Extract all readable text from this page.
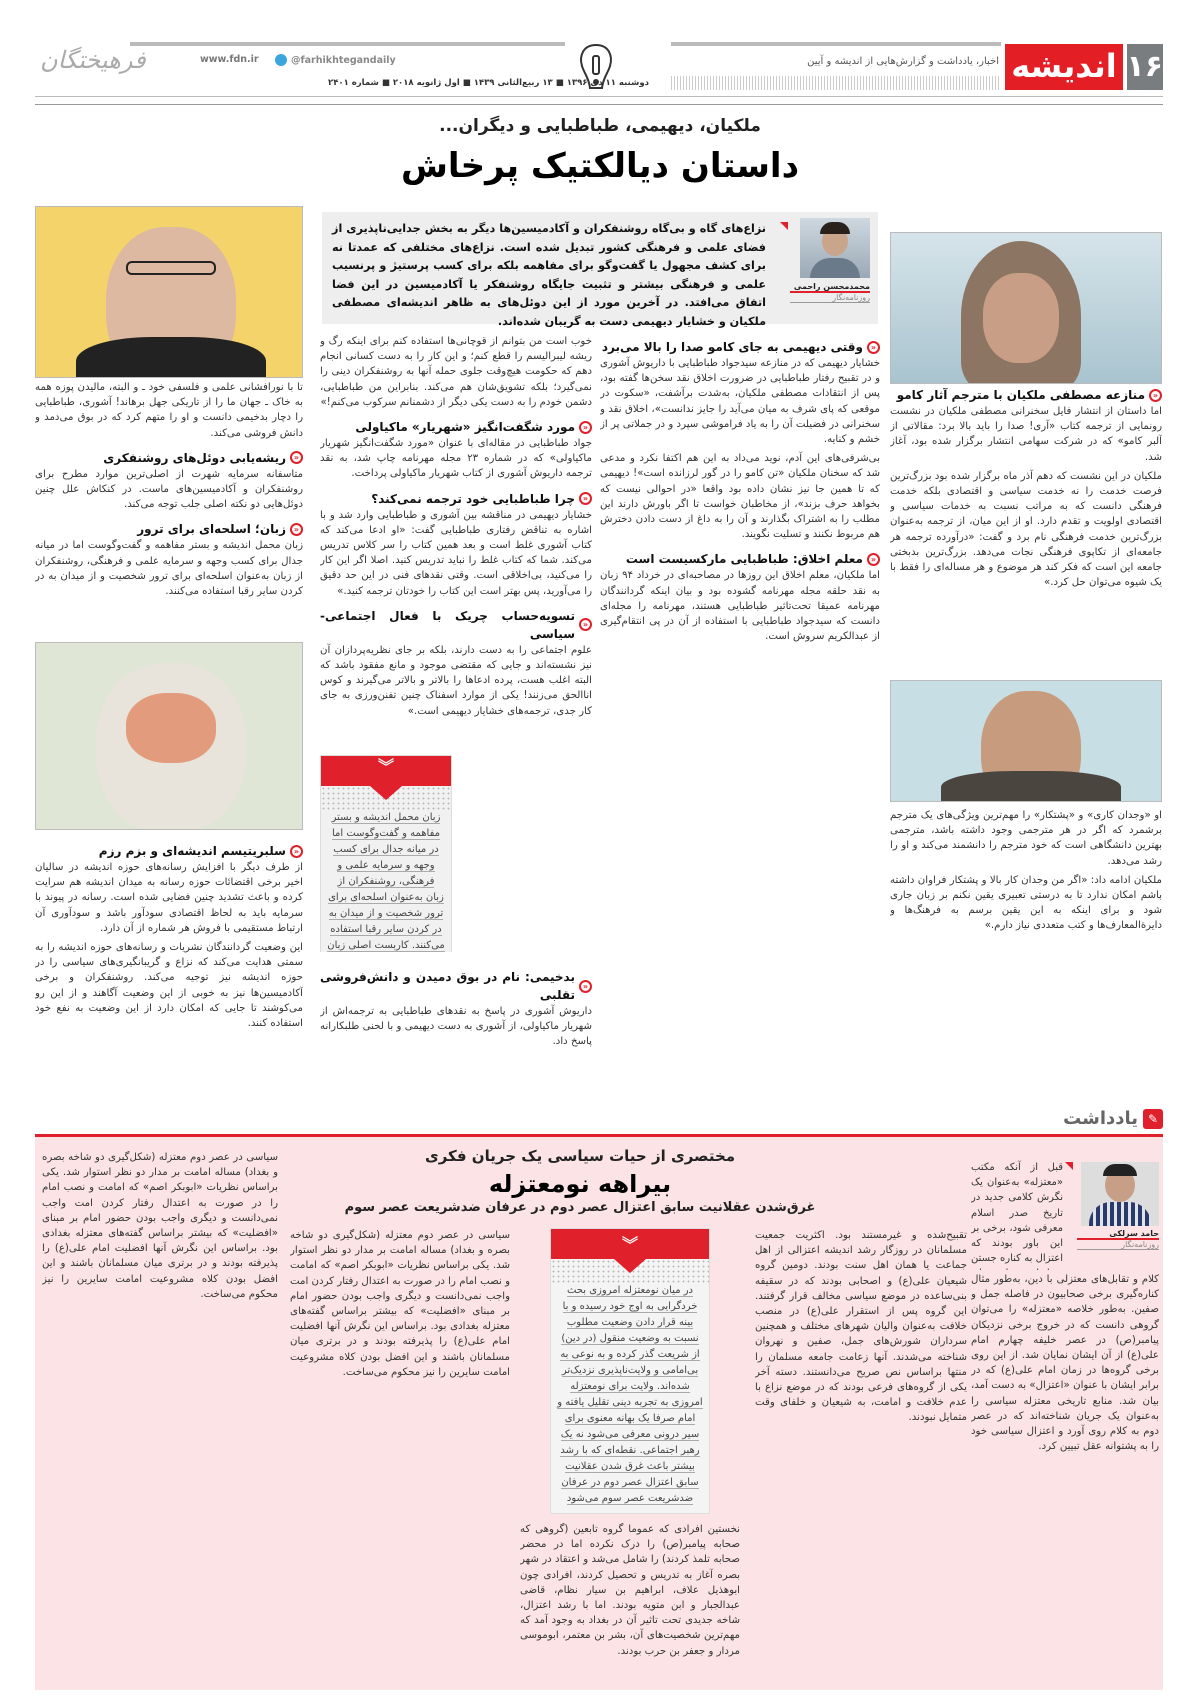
۱۶
اندیشه
اخبار، یادداشت و گزارش‌هایی از اندیشه و آیین
دوشنبه ۱۱ دی ۱۳۹۶ ■ ۱۳ ربیع‌الثانی ۱۴۳۹ ■ اول ژانویه ۲۰۱۸ ■ شماره ۲۴۰۱
@farhikhtegandaily
www.fdn.ir
فرهیختگان
ملکیان، دیهیمی، طباطبایی و دیگران...
داستان دیالکتیک پرخاش
محمدمحسن راحمی
روزنامه‌نگار
نزاع‌های گاه و بی‌گاه روشنفکران و آکادمیسین‌ها دیگر به بخش جدایی‌ناپذیری از فضای علمی و فرهنگی کشور تبدیل شده است. نزاع‌های مختلفی که عمدتا نه برای کشف مجهول یا گفت‌وگو برای مفاهمه بلکه برای کسب پرستیژ و پرنسیب علمی و فرهنگی بیشتر و تثبیت جایگاه روشنفکر یا آکادمیسین در این فضا اتفاق می‌افتد. در آخرین مورد از این دوئل‌های به ظاهر اندیشه‌ای مصطفی ملکیان و خشایار دیهیمی دست به گریبان شده‌اند.
«
منازعه مصطفی ملکیان با مترجم آثار کامو

اما داستان از انتشار فایل سخنرانی مصطفی ملکیان در نشست رونمایی از ترجمه کتاب «آری! صدا را باید بالا برد: مقالاتی از آلبر کامو» که در شرکت سهامی انتشار برگزار شده بود، آغاز شد.

ملکیان در این نشست که دهم آذر ماه برگزار شده بود بزرگ‌ترین فرصت خدمت را نه خدمت سیاسی و اقتصادی بلکه خدمت فرهنگی دانست که به مراتب نسبت به خدمات سیاسی و اقتصادی اولویت و تقدم دارد. او از این میان، از ترجمه به‌عنوان بزرگ‌ترین خدمت فرهنگی نام برد و گفت: «درآورده ترجمه هر جامعه‌ای از تکاپوی فرهنگی نجات می‌دهد. بزرگ‌ترین بدبختی جامعه این است که فکر کند هر موضوع و هر مساله‌ای را فقط با یک شیوه می‌توان حل کرد.»

او «وجدان کاری» و «پشتکار» را مهم‌ترین ویژگی‌های یک مترجم برشمرد که اگر در هر مترجمی وجود داشته باشد، مترجمی بهترین دانشگاهی است که خود مترجم را دانشمند می‌کند و او را رشد می‌دهد.

ملکیان ادامه داد: «اگر من وجدان کار بالا و پشتکار فراوان داشته باشم امکان ندارد تا به درستی تعبیری یقین نکنم بر زبان جاری شود و برای اینکه به این یقین برسم به فرهنگ‌ها و دایرةالمعارف‌ها و کتب متعددی نیاز دارم.»

«
وقتی دیهیمی به جای کامو صدا را بالا می‌برد

خشایار دیهیمی که در منازعه سیدجواد طباطبایی با داریوش آشوری و در تقبیح رفتار طباطبایی در ضرورت اخلاق نقد سخن‌ها گفته بود، پس از انتقادات مصطفی ملکیان، به‌شدت برآشفت، «سکوت در موقعی که پای شرف به میان می‌آید را جایز ندانست»، اخلاق نقد و سخنرانی در فضیلت آن را به یاد فراموشی سپرد و در جملاتی پر از خشم و کنایه.

بی‌شرفی‌های این آدم، نوید می‌داد به این هم اکتفا نکرد و مدعی شد که سخنان ملکیان «تن کامو را در گور لرزانده است»! دیهیمی که تا همین جا نیز نشان داده بود واقعا «در احوالی نیست که بخواهد حرف بزند»، از مخاطبان خواست تا اگر باورش دارند این مطلب را به اشتراک بگذارند و آن را به داغ از دست دادن دخترش هم مربوط نکنند و تسلیت نگویند.

«
معلم اخلاق: طباطبایی مارکسیست است

اما ملکیان، معلم اخلاق این روزها در مصاحبه‌ای در خرداد ۹۴ زبان به نقد حلقه مجله مهرنامه گشوده بود و بیان اینکه گردانندگان مهرنامه عمیقا تحت‌تاثیر طباطبایی هستند، مهرنامه را مجله‌ای دانست که سیدجواد طباطبایی با استفاده از آن در پی انتقام‌گیری از عبدالکریم سروش است.

︾
زبان محمل اندیشه و بستر مفاهمه و گفت‌وگوست اما در میانه جدال برای کسب وجهه و سرمایه علمی و فرهنگی، روشنفکران از زبان به‌عنوان اسلحه‌ای برای ترور شخصیت و از میدان به در کردن سایر رقبا استفاده می‌کنند. کاربست اصلی زبان

خوب است من بتوانم از قوچانی‌ها استفاده کنم برای اینکه رگ و ریشه لیبرالیسم را قطع کنم؛ و این کار را به دست کسانی انجام دهم که حکومت هیچ‌وقت جلوی حمله آنها به روشنفکران دینی را نمی‌گیرد؛ بلکه تشویق‌شان هم می‌کند. بنابراین من طباطبایی، دشمن خودم را به دست یکی دیگر از دشمنانم سرکوب می‌کنم!»

«
مورد شگفت‌انگیز «شهریار» ماکیاولی

جواد طباطبایی در مقاله‌ای با عنوان «مورد شگفت‌انگیز شهریار ماکیاولی» که در شماره ۲۳ مجله مهرنامه چاپ شد، به نقد ترجمه داریوش آشوری از کتاب شهریار ماکیاولی پرداخت.

«
چرا طباطبایی خود ترجمه نمی‌کند؟

خشایار دیهیمی در مناقشه بین آشوری و طباطبایی وارد شد و با اشاره به تناقض رفتاری طباطبایی گفت: «او ادعا می‌کند که کتاب آشوری غلط است و بعد همین کتاب را سر کلاس تدریس می‌کند. شما که کتاب غلط را نباید تدریس کنید. اصلا اگر این کار را می‌کنید، بی‌اخلاقی است. وقتی نقدهای فنی در این حد دقیق را می‌آورید، پس بهتر است این کتاب را خودتان ترجمه کنید.»

«
تسویه‌حساب چریک با فعال اجتماعی-سیاسی

علوم اجتماعی را به دست دارند، بلکه بر جای نظریه‌پردازان آن نیز نشسته‌اند و جایی که مقتضی موجود و مانع مفقود باشد که البته اغلب هست، پرده ادعاها را بالاتر و بالاتر می‌گیرند و کوس اناالحق می‌زنند! یکی از موارد اسفناک چنین تفنن‌ورزی به جای کار جدی، ترجمه‌های خشایار دیهیمی است.»

«
بدخیمی: نام در بوق دمیدن و دانش‌فروشی تقلبی

داریوش آشوری در پاسخ به نقدهای طباطبایی به ترجمه‌اش از شهریار ماکیاولی، از آشوری به دست دیهیمی و با لحنی طلبکارانه پاسخ داد.

تا با نورافشانی علمی و فلسفی خود ـ و البته، مالیدن پوزه همه به خاک ـ جهان ما را از تاریکی جهل برهاند! آشوری، طباطبایی را دچار بدخیمی دانست و او را متهم کرد که در بوق می‌دمد و دانش فروشی می‌کند.

«
ریشه‌یابی دوئل‌های روشنفکری

متاسفانه سرمایه شهرت از اصلی‌ترین موارد مطرح برای روشنفکران و آکادمیسین‌های ماست. در کنکاش علل چنین دوئل‌هایی دو نکته اصلی جلب توجه می‌کند.

«
زبان؛ اسلحه‌ای برای ترور

زبان محمل اندیشه و بستر مفاهمه و گفت‌وگوست اما در میانه جدال برای کسب وجهه و سرمایه علمی و فرهنگی، روشنفکران از زبان به‌عنوان اسلحه‌ای برای ترور شخصیت و از میدان به در کردن سایر رقبا استفاده می‌کنند.

«
سلبریتیسم اندیشه‌ای و بزم رزم

از طرف دیگر با افزایش رسانه‌های حوزه اندیشه در سالیان اخیر برخی اقتضائات حوزه رسانه به میدان اندیشه هم سرایت کرده و باعث تشدید چنین فضایی شده است. رسانه در پیوند با سرمایه باید به لحاظ اقتصادی سودآور باشد و سودآوری آن ارتباط مستقیمی با فروش هر شماره از آن دارد.

این وضعیت گردانندگان نشریات و رسانه‌های حوزه اندیشه را به سمتی هدایت می‌کند که نزاع و گریبانگیری‌های سیاسی را در حوزه اندیشه نیز توجیه می‌کند. روشنفکران و برخی آکادمیسین‌ها نیز به خوبی از این وضعیت آگاهند و از این رو می‌کوشند تا جایی که امکان دارد از این وضعیت به نفع خود استفاده کنند.

✎
یادداشت
مختصری از حیات سیاسی یک جریان فکری
بیراهه نومعتزله
غرق‌شدن عقلانیت سابق اعتزال عصر دوم در عرفان ضدشریعت عصر سوم
حامد سرلکی
روزنامه‌نگار
قبل از آنکه مکتب «معتزله» به‌عنوان یک نگرش کلامی جدید در تاریخ صدر اسلام معرفی شود، برخی بر این باور بودند که اعتزال به کناره جستن
کلام و تقابل‌های معتزلی با دین، به‌طور مثال کناره‌گیری برخی صحابیون در فاصله جمل و صفین. به‌طور خلاصه «معتزله» را می‌توان گروهی دانست که در خروج برخی نزدیکان پیامبر(ص) در عصر خلیفه چهارم امام علی(ع) از آن ایشان نمایان شد. از این روی برخی گروه‌ها در زمان امام علی(ع) که در برابر ایشان با عنوان «اعتزال» به دست آمد، بیان شد. منابع تاریخی معتزله سیاسی را به‌عنوان یک جریان شناخته‌اند که در عصر دوم به کلام روی آورد و اعتزال سیاسی خود را به پشتوانه عقل تبیین کرد.
تقبیح‌شده و غیرمستند بود. اکثریت جمعیت مسلمانان در روزگار رشد اندیشه اعتزالی از اهل جماعت یا همان اهل سنت بودند. دومین گروه شیعیان علی(ع) و اصحابی بودند که در سقیفه بنی‌ساعده در موضع سیاسی مخالف قرار گرفتند. این گروه پس از استقرار علی(ع) در منصب خلافت به‌عنوان والیان شهرهای مختلف و همچنین سرداران شورش‌های جمل، صفین و نهروان شناخته می‌شدند. آنها زعامت جامعه مسلمان را منتها براساس نص صریح می‌دانستند. دسته آخر یکی از گروه‌های فرعی بودند که در موضع نزاع با عدم خلافت و امامت، به شیعیان و خلفای وقت متمایل نبودند.
︾
در میان نومعتزله امروزی بحث خردگرایی به اوج خود رسیده و با بینه قرار دادن وضعیت مطلوب نسبت به وضعیت منقول (در دین) از شریعت گذر کرده و به نوعی به بی‌امامی و ولایت‌ناپذیری نزدیک‌تر شده‌اند. ولایت برای نومعتزله امروزی به تجربه دینی تقلیل یافته و امام صرفا یک بهانه معنوی برای سیر درونی معرفی می‌شود نه یک رهبر اجتماعی. نقطه‌ای که با رشد بیشتر باعث غرق شدن عقلانیت سابق اعتزال عصر دوم در عرفان ضدشریعت عصر سوم می‌شود
نخستین افرادی که عموما گروه تابعین (گروهی که صحابه پیامبر(ص) را درک نکرده اما در محضر صحابه تلمذ کردند) را شامل می‌شد و اعتقاد در شهر بصره آغاز به تدریس و تحصیل کردند، افرادی چون ابوهذیل علاف، ابراهیم بن سیار نظام، قاضی عبدالجبار و ابن متویه بودند. اما با رشد اعتزال، شاخه جدیدی تحت تاثیر آن در بغداد به وجود آمد که مهم‌ترین شخصیت‌های آن، بشر بن معتمر، ابوموسی مردار و جعفر بن حرب بودند.
سیاسی در عصر دوم معتزله (شکل‌گیری دو شاخه بصره و بغداد) مساله امامت بر مدار دو نظر استوار شد. یکی براساس نظریات «ابوبکر اصم» که امامت و نصب امام را در صورت به اعتدال رفتار کردن امت واجب نمی‌دانست و دیگری واجب بودن حضور امام بر مبنای «افضلیت» که بیشتر براساس گفته‌های معتزله بغدادی بود. براساس این نگرش آنها افضلیت امام علی(ع) را پذیرفته بودند و در برتری میان مسلمانان باشند و این افضل بودن کلاه مشروعیت امامت سایرین را نیز محکوم می‌ساخت.
سیاسی در عصر دوم معتزله (شکل‌گیری دو شاخه بصره و بغداد) مساله امامت بر مدار دو نظر استوار شد. یکی براساس نظریات «ابوبکر اصم» که امامت و نصب امام را در صورت به اعتدال رفتار کردن امت واجب نمی‌دانست و دیگری واجب بودن حضور امام بر مبنای «افضلیت» که بیشتر براساس گفته‌های معتزله بغدادی بود. براساس این نگرش آنها افضلیت امام علی(ع) را پذیرفته بودند و در برتری میان مسلمانان باشند و این افضل بودن کلاه مشروعیت امامت سایرین را نیز محکوم می‌ساخت.
